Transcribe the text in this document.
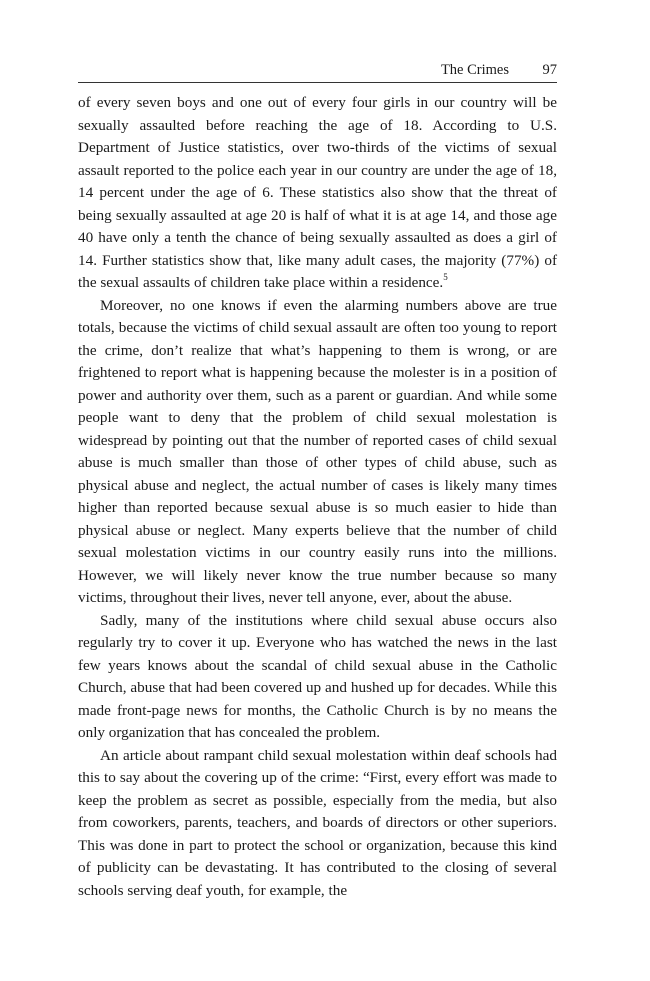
The Crimes 97

of every seven boys and one out of every four girls in our country will be sexually assaulted before reaching the age of 18. According to U.S. Department of Justice statistics, over two-thirds of the victims of sexual assault reported to the police each year in our country are under the age of 18, 14 percent under the age of 6. These statistics also show that the threat of being sexually assaulted at age 20 is half of what it is at age 14, and those age 40 have only a tenth the chance of being sexually assaulted as does a girl of 14. Further statistics show that, like many adult cases, the majority (77%) of the sexual assaults of children take place within a residence.$^5$

Moreover, no one knows if even the alarming numbers above are true totals, because the victims of child sexual assault are often too young to report the crime, don’t realize that what’s happening to them is wrong, or are frightened to report what is happening because the molester is in a position of power and authority over them, such as a parent or guardian. And while some people want to deny that the problem of child sexual molestation is widespread by pointing out that the number of reported cases of child sexual abuse is much smaller than those of other types of child abuse, such as physical abuse and neglect, the actual number of cases is likely many times higher than reported because sexual abuse is so much easier to hide than physical abuse or neglect. Many experts believe that the number of child sexual molestation victims in our country easily runs into the millions. However, we will likely never know the true number because so many victims, throughout their lives, never tell anyone, ever, about the abuse.

Sadly, many of the institutions where child sexual abuse occurs also regularly try to cover it up. Everyone who has watched the news in the last few years knows about the scandal of child sexual abuse in the Catholic Church, abuse that had been covered up and hushed up for decades. While this made front-page news for months, the Catholic Church is by no means the only organization that has concealed the problem.

An article about rampant child sexual molestation within deaf schools had this to say about the covering up of the crime: “First, every effort was made to keep the problem as secret as possible, especially from the media, but also from coworkers, parents, teachers, and boards of directors or other superiors. This was done in part to protect the school or organization, because this kind of publicity can be devastating. It has contributed to the closing of several schools serving deaf youth, for example, the
